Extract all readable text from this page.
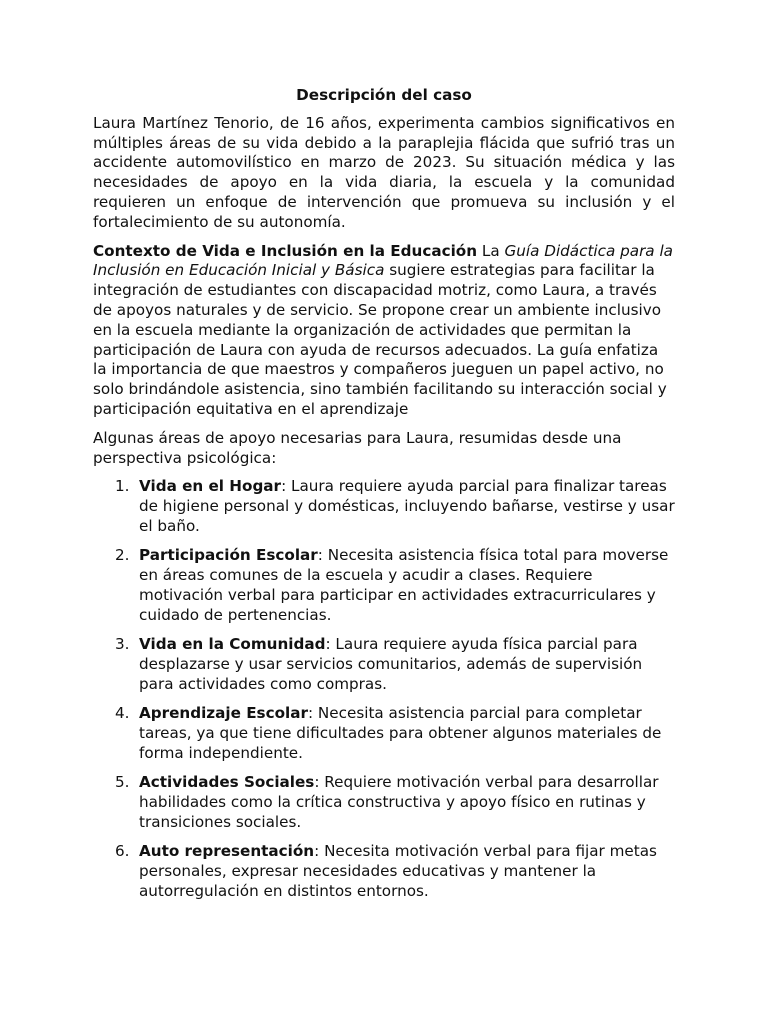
Descripción del caso

Laura Martínez Tenorio, de 16 años, experimenta cambios significativos en múltiples áreas de su vida debido a la paraplejia flácida que sufrió tras un accidente automovilístico en marzo de 2023. Su situación médica y las necesidades de apoyo en la vida diaria, la escuela y la comunidad requieren un enfoque de intervención que promueva su inclusión y el fortalecimiento de su autonomía.

Contexto de Vida e Inclusión en la Educación La Guía Didáctica para la Inclusión en Educación Inicial y Básica sugiere estrategias para facilitar la integración de estudiantes con discapacidad motriz, como Laura, a través de apoyos naturales y de servicio. Se propone crear un ambiente inclusivo en la escuela mediante la organización de actividades que permitan la participación de Laura con ayuda de recursos adecuados. La guía enfatiza la importancia de que maestros y compañeros jueguen un papel activo, no solo brindándole asistencia, sino también facilitando su interacción social y participación equitativa en el aprendizaje

Algunas áreas de apoyo necesarias para Laura, resumidas desde una perspectiva psicológica:

1. Vida en el Hogar: Laura requiere ayuda parcial para finalizar tareas de higiene personal y domésticas, incluyendo bañarse, vestirse y usar el baño.
2. Participación Escolar: Necesita asistencia física total para moverse en áreas comunes de la escuela y acudir a clases. Requiere motivación verbal para participar en actividades extracurriculares y cuidado de pertenencias.
3. Vida en la Comunidad: Laura requiere ayuda física parcial para desplazarse y usar servicios comunitarios, además de supervisión para actividades como compras.
4. Aprendizaje Escolar: Necesita asistencia parcial para completar tareas, ya que tiene dificultades para obtener algunos materiales de forma independiente.
5. Actividades Sociales: Requiere motivación verbal para desarrollar habilidades como la crítica constructiva y apoyo físico en rutinas y transiciones sociales.
6. Auto representación: Necesita motivación verbal para fijar metas personales, expresar necesidades educativas y mantener la autorregulación en distintos entornos.
